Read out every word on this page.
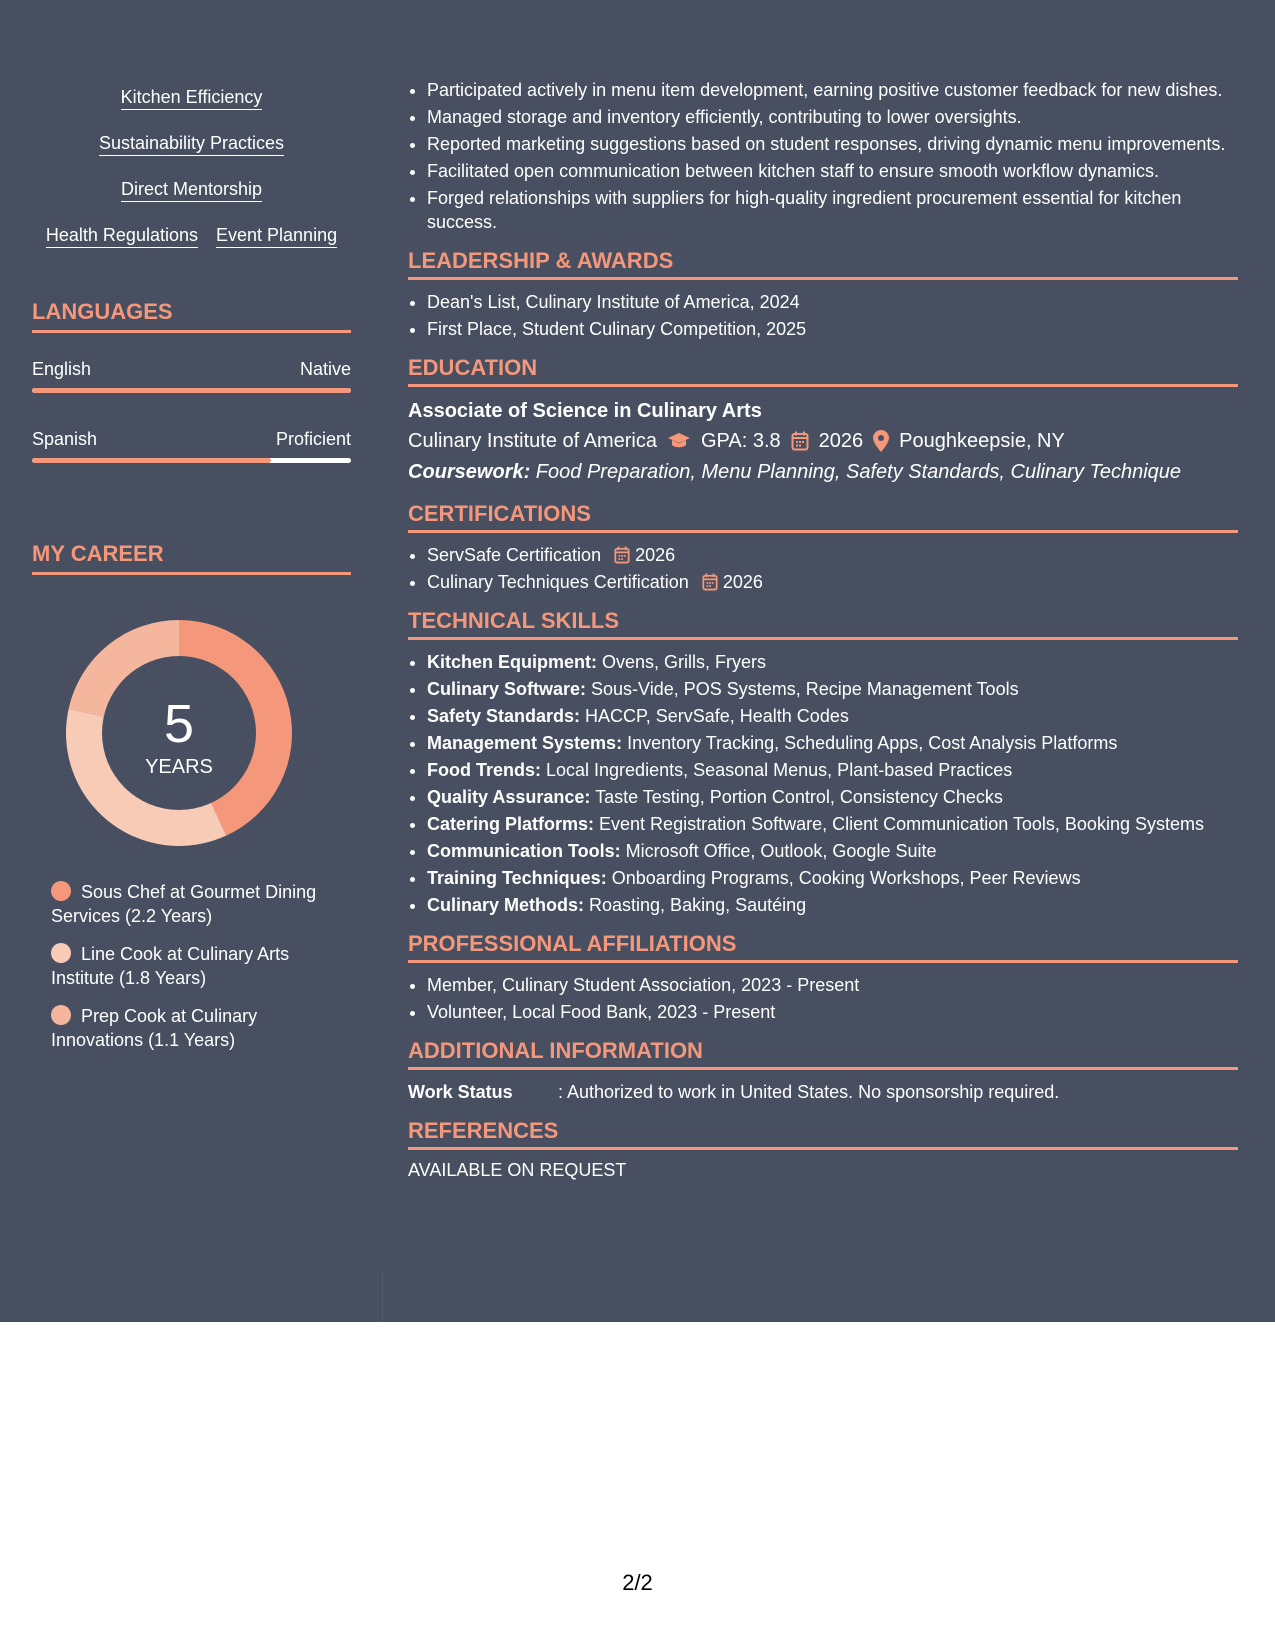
Kitchen Efficiency
Sustainability Practices
Direct Mentorship
Health Regulations Event Planning
LANGUAGES
English	Native
Spanish	Proficient
MY CAREER
5
YEARS
Sous Chef at Gourmet Dining Services (2.2 Years)
Line Cook at Culinary Arts Institute (1.8 Years)
Prep Cook at Culinary Innovations (1.1 Years)
• Participated actively in menu item development, earning positive customer feedback for new dishes.
• Managed storage and inventory efficiently, contributing to lower oversights.
• Reported marketing suggestions based on student responses, driving dynamic menu improvements.
• Facilitated open communication between kitchen staff to ensure smooth workflow dynamics.
• Forged relationships with suppliers for high-quality ingredient procurement essential for kitchen success.
LEADERSHIP & AWARDS
• Dean's List, Culinary Institute of America, 2024
• First Place, Student Culinary Competition, 2025
EDUCATION
Associate of Science in Culinary Arts
Culinary Institute of America GPA: 3.8 2026 Poughkeepsie, NY
Coursework: Food Preparation, Menu Planning, Safety Standards, Culinary Technique
CERTIFICATIONS
• ServSafe Certification 2026
• Culinary Techniques Certification 2026
TECHNICAL SKILLS
• Kitchen Equipment: Ovens, Grills, Fryers
• Culinary Software: Sous-Vide, POS Systems, Recipe Management Tools
• Safety Standards: HACCP, ServSafe, Health Codes
• Management Systems: Inventory Tracking, Scheduling Apps, Cost Analysis Platforms
• Food Trends: Local Ingredients, Seasonal Menus, Plant-based Practices
• Quality Assurance: Taste Testing, Portion Control, Consistency Checks
• Catering Platforms: Event Registration Software, Client Communication Tools, Booking Systems
• Communication Tools: Microsoft Office, Outlook, Google Suite
• Training Techniques: Onboarding Programs, Cooking Workshops, Peer Reviews
• Culinary Methods: Roasting, Baking, Sautéing
PROFESSIONAL AFFILIATIONS
• Member, Culinary Student Association, 2023 - Present
• Volunteer, Local Food Bank, 2023 - Present
ADDITIONAL INFORMATION
Work Status	: Authorized to work in United States. No sponsorship required.
REFERENCES
AVAILABLE ON REQUEST
2/2
